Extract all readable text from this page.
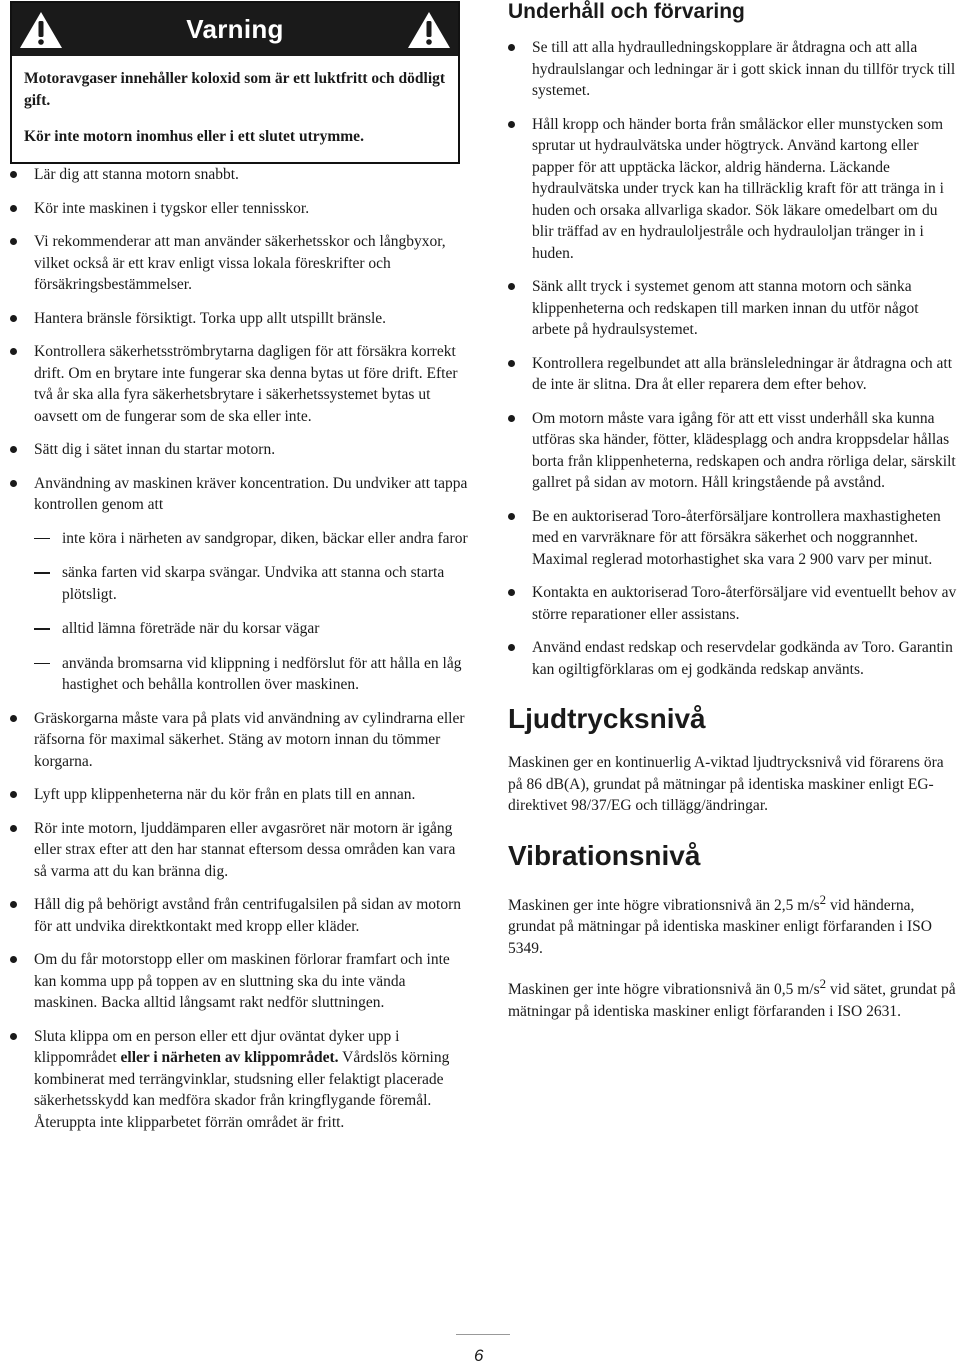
Varning

Motoravgaser innehåller koloxid som är ett luktfritt och dödligt gift.

Kör inte motorn inomhus eller i ett slutet utrymme.

Lär dig att stanna motorn snabbt.
Kör inte maskinen i tygskor eller tennisskor.
Vi rekommenderar att man använder säkerhetsskor och långbyxor, vilket också är ett krav enligt vissa lokala föreskrifter och försäkringsbestämmelser.
Hantera bränsle försiktigt. Torka upp allt utspillt bränsle.
Kontrollera säkerhetsströmbrytarna dagligen för att försäkra korrekt drift. Om en brytare inte fungerar ska denna bytas ut före drift. Efter två år ska alla fyra säkerhetsbrytare i säkerhetssystemet bytas ut oavsett om de fungerar som de ska eller inte.
Sätt dig i sätet innan du startar motorn.
Användning av maskinen kräver koncentration. Du undviker att tappa kontrollen genom att
inte köra i närheten av sandgropar, diken, bäckar eller andra faror
sänka farten vid skarpa svängar. Undvika att stanna och starta plötsligt.
alltid lämna företräde när du korsar vägar
använda bromsarna vid klippning i nedförslut för att hålla en låg hastighet och behålla kontrollen över maskinen.
Gräskorgarna måste vara på plats vid användning av cylindrarna eller räfsorna för maximal säkerhet. Stäng av motorn innan du tömmer korgarna.
Lyft upp klippenheterna när du kör från en plats till en annan.
Rör inte motorn, ljuddämparen eller avgasröret när motorn är igång eller strax efter att den har stannat eftersom dessa områden kan vara så varma att du kan bränna dig.
Håll dig på behörigt avstånd från centrifugalsilen på sidan av motorn för att undvika direktkontakt med kropp eller kläder.
Om du får motorstopp eller om maskinen förlorar framfart och inte kan komma upp på toppen av en sluttning ska du inte vända maskinen. Backa alltid långsamt rakt nedför sluttningen.
Sluta klippa om en person eller ett djur oväntat dyker upp i klippområdet eller i närheten av klippområdet. Vårdslös körning kombinerat med terrängvinklar, studsning eller felaktigt placerade säkerhetsskydd kan medföra skador från kringflygande föremål. Återuppta inte klipparbetet förrän området är fritt.
Underhåll och förvaring
Se till att alla hydraulledningskopplare är åtdragna och att alla hydraulslangar och ledningar är i gott skick innan du tillför tryck till systemet.
Håll kropp och händer borta från småläckor eller munstycken som sprutar ut hydraulvätska under högtryck. Använd kartong eller papper för att upptäcka läckor, aldrig händerna. Läckande hydraulvätska under tryck kan ha tillräcklig kraft för att tränga in i huden och orsaka allvarliga skador. Sök läkare omedelbart om du blir träffad av en hydrauloljestråle och hydrauloljan tränger in i huden.
Sänk allt tryck i systemet genom att stanna motorn och sänka klippenheterna och redskapen till marken innan du utför något arbete på hydraulsystemet.
Kontrollera regelbundet att alla bränsleledningar är åtdragna och att de inte är slitna. Dra åt eller reparera dem efter behov.
Om motorn måste vara igång för att ett visst underhåll ska kunna utföras ska händer, fötter, klädesplagg och andra kroppsdelar hållas borta från klippenheterna, redskapen och andra rörliga delar, särskilt gallret på sidan av motorn. Håll kringstående på avstånd.
Be en auktoriserad Toro-återförsäljare kontrollera maxhastigheten med en varvräknare för att försäkra säkerhet och noggrannhet. Maximal reglerad motorhastighet ska vara 2 900 varv per minut.
Kontakta en auktoriserad Toro-återförsäljare vid eventuellt behov av större reparationer eller assistans.
Använd endast redskap och reservdelar godkända av Toro. Garantin kan ogiltigförklaras om ej godkända redskap använts.
Ljudtrycksnivå

Maskinen ger en kontinuerlig A-viktad ljudtrycksnivå vid förarens öra på 86 dB(A), grundat på mätningar på identiska maskiner enligt EG-direktivet 98/37/EG och tillägg/ändringar.

Vibrationsnivå

Maskinen ger inte högre vibrationsnivå än 2,5 $m/s^2$ vid händerna, grundat på mätningar på identiska maskiner enligt förfaranden i ISO 5349.

Maskinen ger inte högre vibrationsnivå än 0,5 $m/s^2$ vid sätet, grundat på mätningar på identiska maskiner enligt förfaranden i ISO 2631.

6
